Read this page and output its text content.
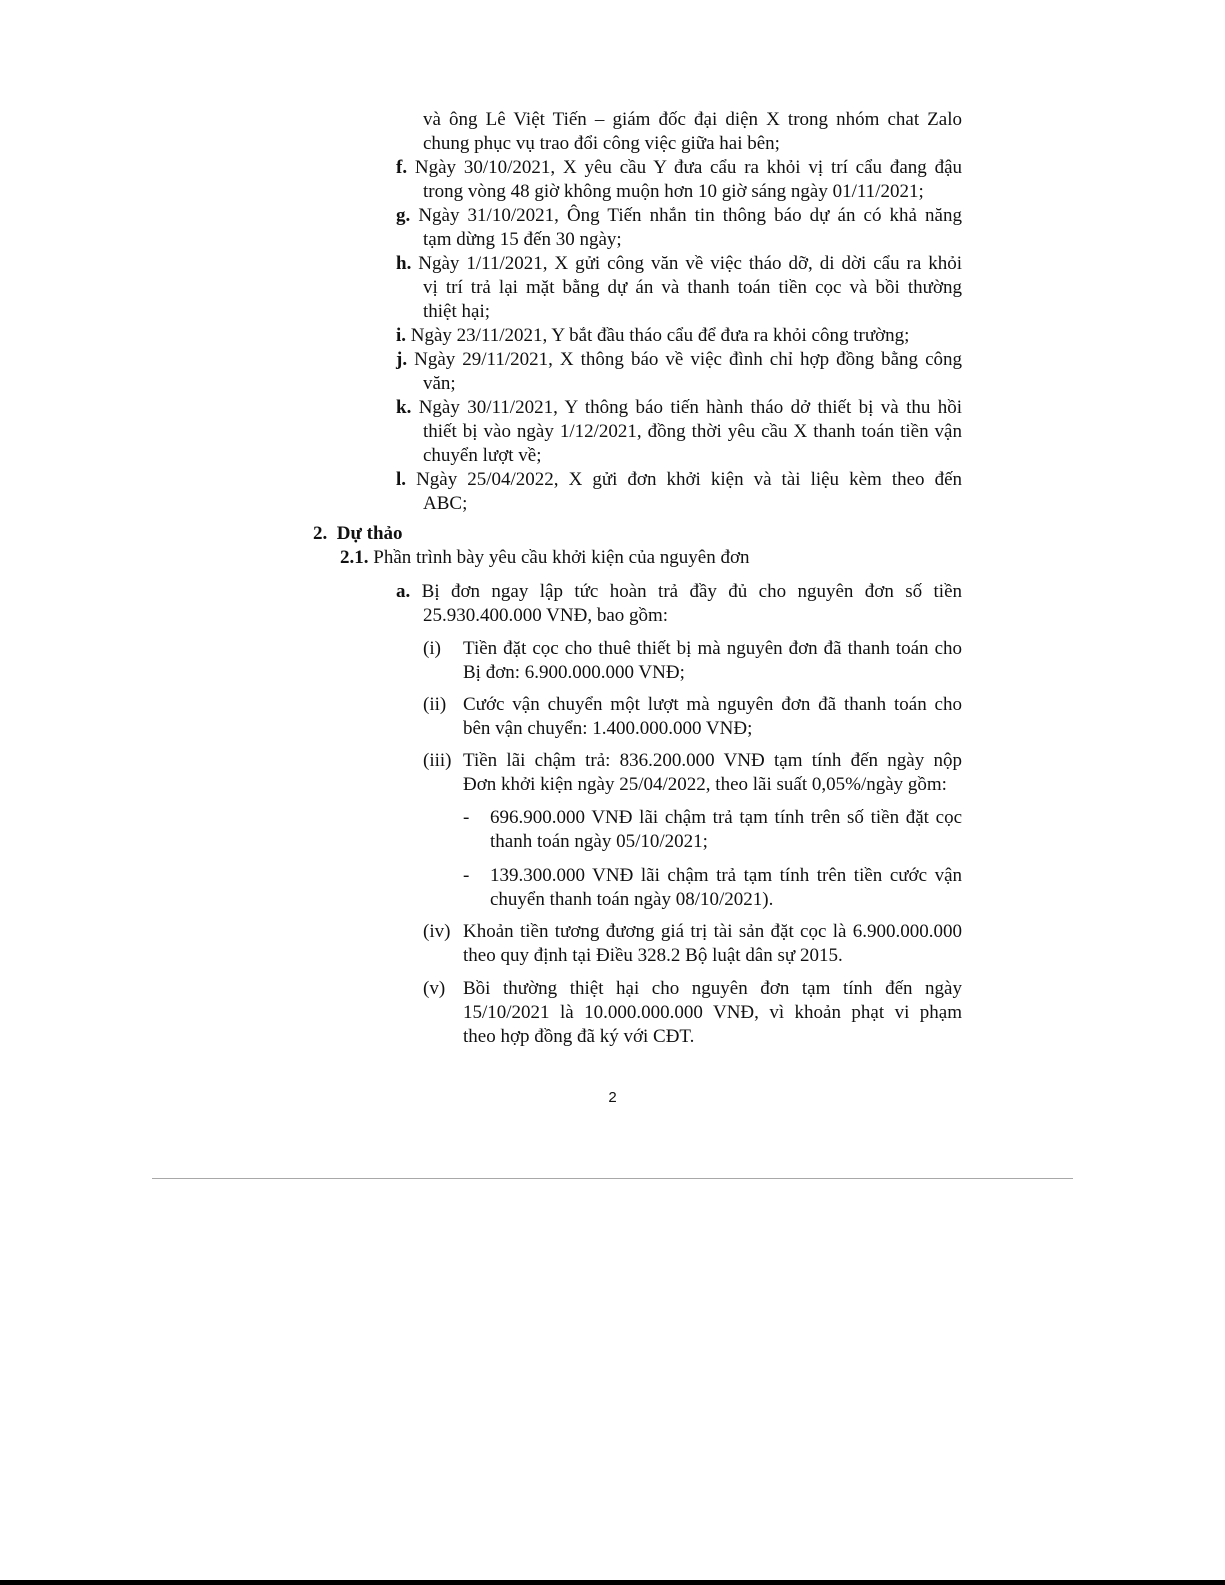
và ông Lê Việt Tiến – giám đốc đại diện X trong nhóm chat Zalo
chung phục vụ trao đổi công việc giữa hai bên;
f. Ngày 30/10/2021, X yêu cầu Y đưa cẩu ra khỏi vị trí cẩu đang đậu
trong vòng 48 giờ không muộn hơn 10 giờ sáng ngày 01/11/2021;
g. Ngày 31/10/2021, Ông Tiến nhắn tin thông báo dự án có khả năng
tạm dừng 15 đến 30 ngày;
h. Ngày 1/11/2021, X gửi công văn về việc tháo dỡ, di dời cẩu ra khỏi
vị trí trả lại mặt bằng dự án và thanh toán tiền cọc và bồi thường
thiệt hại;
i. Ngày 23/11/2021, Y bắt đầu tháo cẩu để đưa ra khỏi công trường;
j. Ngày 29/11/2021, X thông báo về việc đình chỉ hợp đồng bằng công
văn;
k. Ngày 30/11/2021, Y thông báo tiến hành tháo dở thiết bị và thu hồi
thiết bị vào ngày 1/12/2021, đồng thời yêu cầu X thanh toán tiền vận
chuyển lượt về;
l. Ngày 25/04/2022, X gửi đơn khởi kiện và tài liệu kèm theo đến
ABC;
2. Dự thảo
2.1. Phần trình bày yêu cầu khởi kiện của nguyên đơn
a. Bị đơn ngay lập tức hoàn trả đầy đủ cho nguyên đơn số tiền
25.930.400.000 VNĐ, bao gồm:
(i) Tiền đặt cọc cho thuê thiết bị mà nguyên đơn đã thanh toán cho
Bị đơn: 6.900.000.000 VNĐ;
(ii) Cước vận chuyển một lượt mà nguyên đơn đã thanh toán cho
bên vận chuyển: 1.400.000.000 VNĐ;
(iii) Tiền lãi chậm trả: 836.200.000 VNĐ tạm tính đến ngày nộp
Đơn khởi kiện ngày 25/04/2022, theo lãi suất 0,05%/ngày gồm:
- 696.900.000 VNĐ lãi chậm trả tạm tính trên số tiền đặt cọc
thanh toán ngày 05/10/2021;
- 139.300.000 VNĐ lãi chậm trả tạm tính trên tiền cước vận
chuyển thanh toán ngày 08/10/2021).
(iv) Khoản tiền tương đương giá trị tài sản đặt cọc là 6.900.000.000
theo quy định tại Điều 328.2 Bộ luật dân sự 2015.
(v) Bồi thường thiệt hại cho nguyên đơn tạm tính đến ngày
15/10/2021 là 10.000.000.000 VNĐ, vì khoản phạt vi phạm
theo hợp đồng đã ký với CĐT.
2
